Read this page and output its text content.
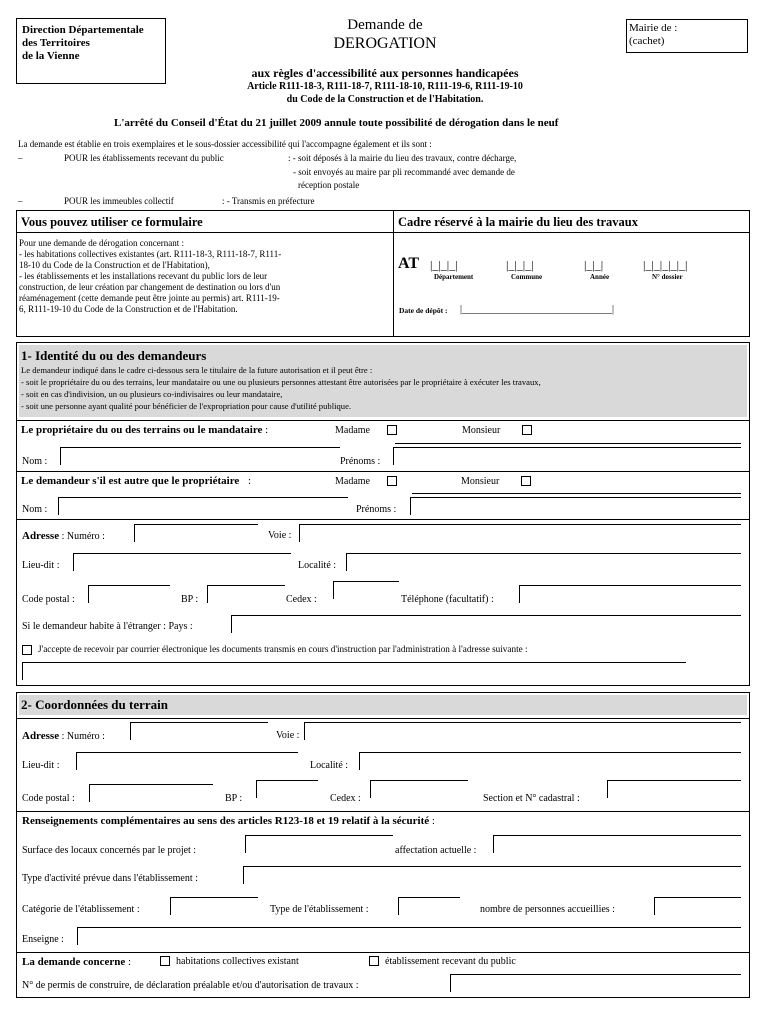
Direction Départementale
des Territoires
de la Vienne
Demande de
DEROGATION
Mairie de :
(cachet)
aux règles d'accessibilité aux personnes handicapées
Article R111-18-3, R111-18-7, R111-18-10, R111-19-6, R111-19-10
du Code de la Construction et de l'Habitation.
L'arrêté du Conseil d'État du 21 juillet 2009 annule toute possibilité de dérogation dans le neuf
La demande est établie en trois exemplaires et le sous-dossier accessibilité qui l'accompagne également et ils sont :
–	POUR les établissements recevant du public	: - soit déposés à la mairie du lieu des travaux, contre décharge,
- soit envoyés au maire par pli recommandé avec demande de
réception postale
–	POUR les immeubles collectif	: - Transmis en préfecture
Vous pouvez utiliser ce formulaire	Cadre réservé à la mairie du lieu des travaux
Pour une demande de dérogation concernant :
- les habitations collectives existantes (art. R111-18-3, R111-18-7, R111-
18-10 du Code de la Construction et de l'Habitation),
- les établissements et les installations recevant du public lors de leur
construction, de leur création par changement de destination ou lors d'un
réaménagement (cette demande peut être jointe au permis) art. R111-19-
6, R111-19-10 du Code de la Construction et de l'Habitation.
AT |_|_|_|	|_|_|_|	|_|_|	|_|_|_|_|_|
Département	Commune	Année	N° dossier
Date de dépôt : |______________________________|
1- Identité du ou des demandeurs
Le demandeur indiqué dans le cadre ci-dessous sera le titulaire de la future autorisation et il peut être :
- soit le propriétaire du ou des terrains, leur mandataire ou une ou plusieurs personnes attestant être autorisées par le propriétaire à exécuter les travaux,
- soit en cas d'indivision, un ou plusieurs co-indivisaires ou leur mandataire,
- soit une personne ayant qualité pour bénéficier de l'expropriation pour cause d'utilité publique.
Le propriétaire du ou des terrains ou le mandataire :	Madame	Monsieur
Nom :	Prénoms :
Le demandeur s'il est autre que le propriétaire :	Madame	Monsieur
Nom :	Prénoms :
Adresse : Numéro :	Voie :
Lieu-dit :	Localité :
Code postal :	BP :	Cedex :	Téléphone (facultatif) :
Si le demandeur habite à l'étranger : Pays :
J'accepte de recevoir par courrier électronique les documents transmis en cours d'instruction par l'administration à l'adresse suivante :
2- Coordonnées du terrain
Adresse : Numéro :	Voie :
Lieu-dit :	Localité :
Code postal :	BP :	Cedex :	Section et N° cadastral :
Renseignements complémentaires au sens des articles R123-18 et 19 relatif à la sécurité :
Surface des locaux concernés par le projet :	affectation actuelle :
Type d'activité prévue dans l'établissement :
Catégorie de l'établissement :	Type de l'établissement :	nombre de personnes accueillies :
Enseigne :
La demande concerne :	habitations collectives existant	établissement recevant du public
N° de permis de construire, de déclaration préalable et/ou d'autorisation de travaux :
